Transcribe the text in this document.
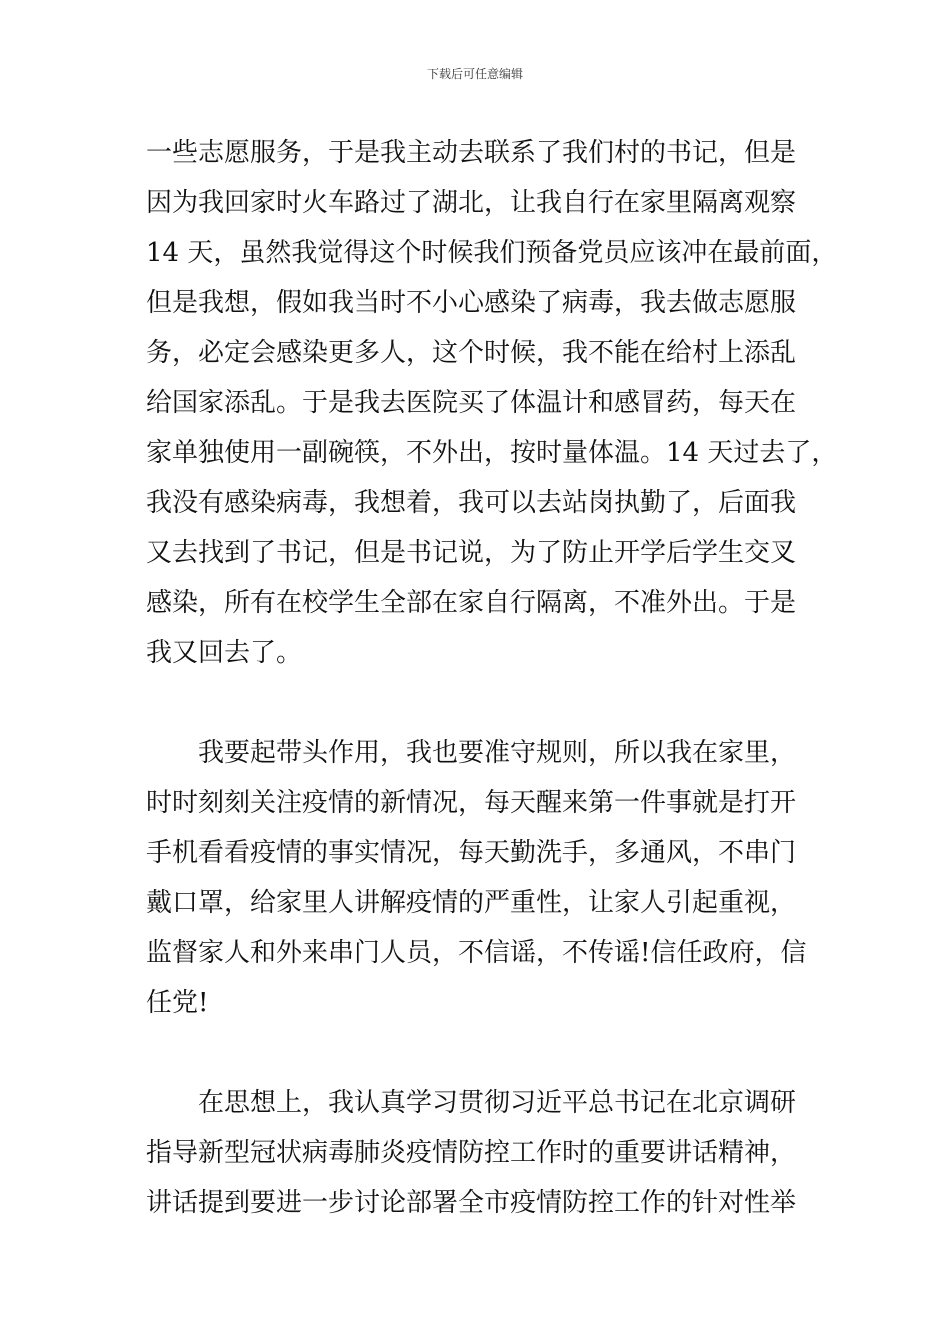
下载后可任意编辑
一些志愿服务，于是我主动去联系了我们村的书记，但是
因为我回家时火车路过了湖北，让我自行在家里隔离观察
14 天，虽然我觉得这个时候我们预备党员应该冲在最前面，
但是我想，假如我当时不小心感染了病毒，我去做志愿服
务，必定会感染更多人，这个时候，我不能在给村上添乱
给国家添乱。于是我去医院买了体温计和感冒药，每天在
家单独使用一副碗筷，不外出，按时量体温。14 天过去了，
我没有感染病毒，我想着，我可以去站岗执勤了，后面我
又去找到了书记，但是书记说，为了防止开学后学生交叉
感染，所有在校学生全部在家自行隔离，不准外出。于是
我又回去了。
　　我要起带头作用，我也要准守规则，所以我在家里，
时时刻刻关注疫情的新情况，每天醒来第一件事就是打开
手机看看疫情的事实情况，每天勤洗手，多通风，不串门
戴口罩，给家里人讲解疫情的严重性，让家人引起重视，
监督家人和外来串门人员，不信谣，不传谣!信任政府，信
任党!
　　在思想上，我认真学习贯彻习近平总书记在北京调研
指导新型冠状病毒肺炎疫情防控工作时的重要讲话精神，
讲话提到要进一步讨论部署全市疫情防控工作的针对性举
